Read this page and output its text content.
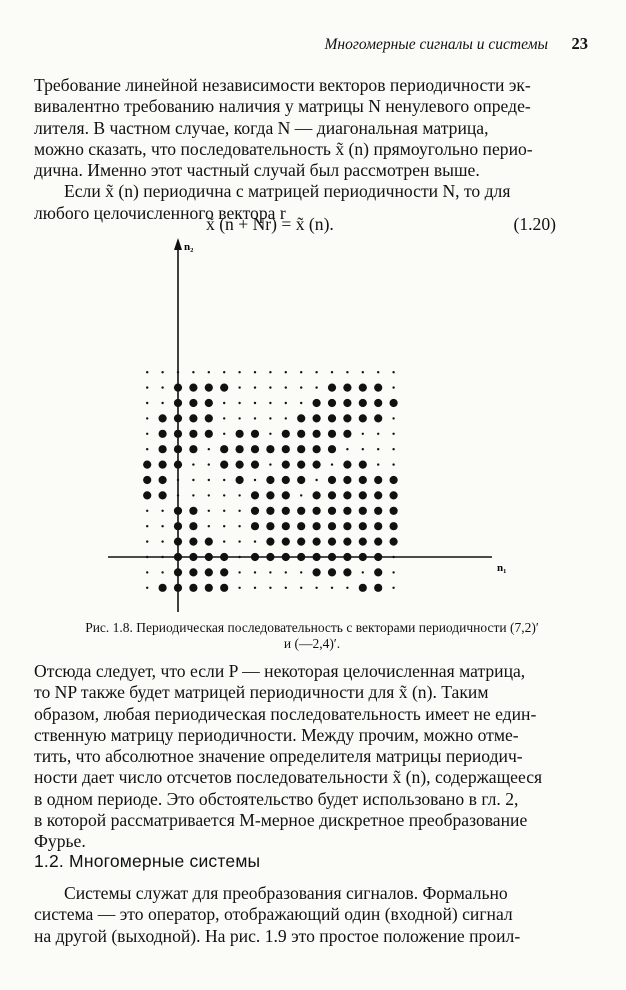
Многомерные сигналы и системы 23

Требование линейной независимости векторов периодичности эк-

вивалентно требованию наличия у матрицы N ненулевого опреде-

лителя. В частном случае, когда N — диагональная матрица,

можно сказать, что последовательность x̃ (n) прямоугольно перио-

дична. Именно этот частный случай был рассмотрен выше.

Если x̃ (n) периодична с матрицей периодичности N, то для

любого целочисленного вектора r

x̃ (n + Nr) = x̃ (n).	(1.20)
n₁
n₂
Рис. 1.8. Периодическая последовательность с векторами периодичности (7,2)′
и (—2,4)′.

Отсюда следует, что если P — некоторая целочисленная матрица,

то NP также будет матрицей периодичности для x̃ (n). Таким

образом, любая периодическая последовательность имеет не един-

ственную матрицу периодичности. Между прочим, можно отме-

тить, что абсолютное значение определителя матрицы периодич-

ности дает число отсчетов последовательности x̃ (n), содержащееся

в одном периоде. Это обстоятельство будет использовано в гл. 2,

в которой рассматривается M-мерное дискретное преобразование

Фурье.

1.2. Многомерные системы

Системы служат для преобразования сигналов. Формально

система — это оператор, отображающий один (входной) сигнал

на другой (выходной). На рис. 1.9 это простое положение проил-
